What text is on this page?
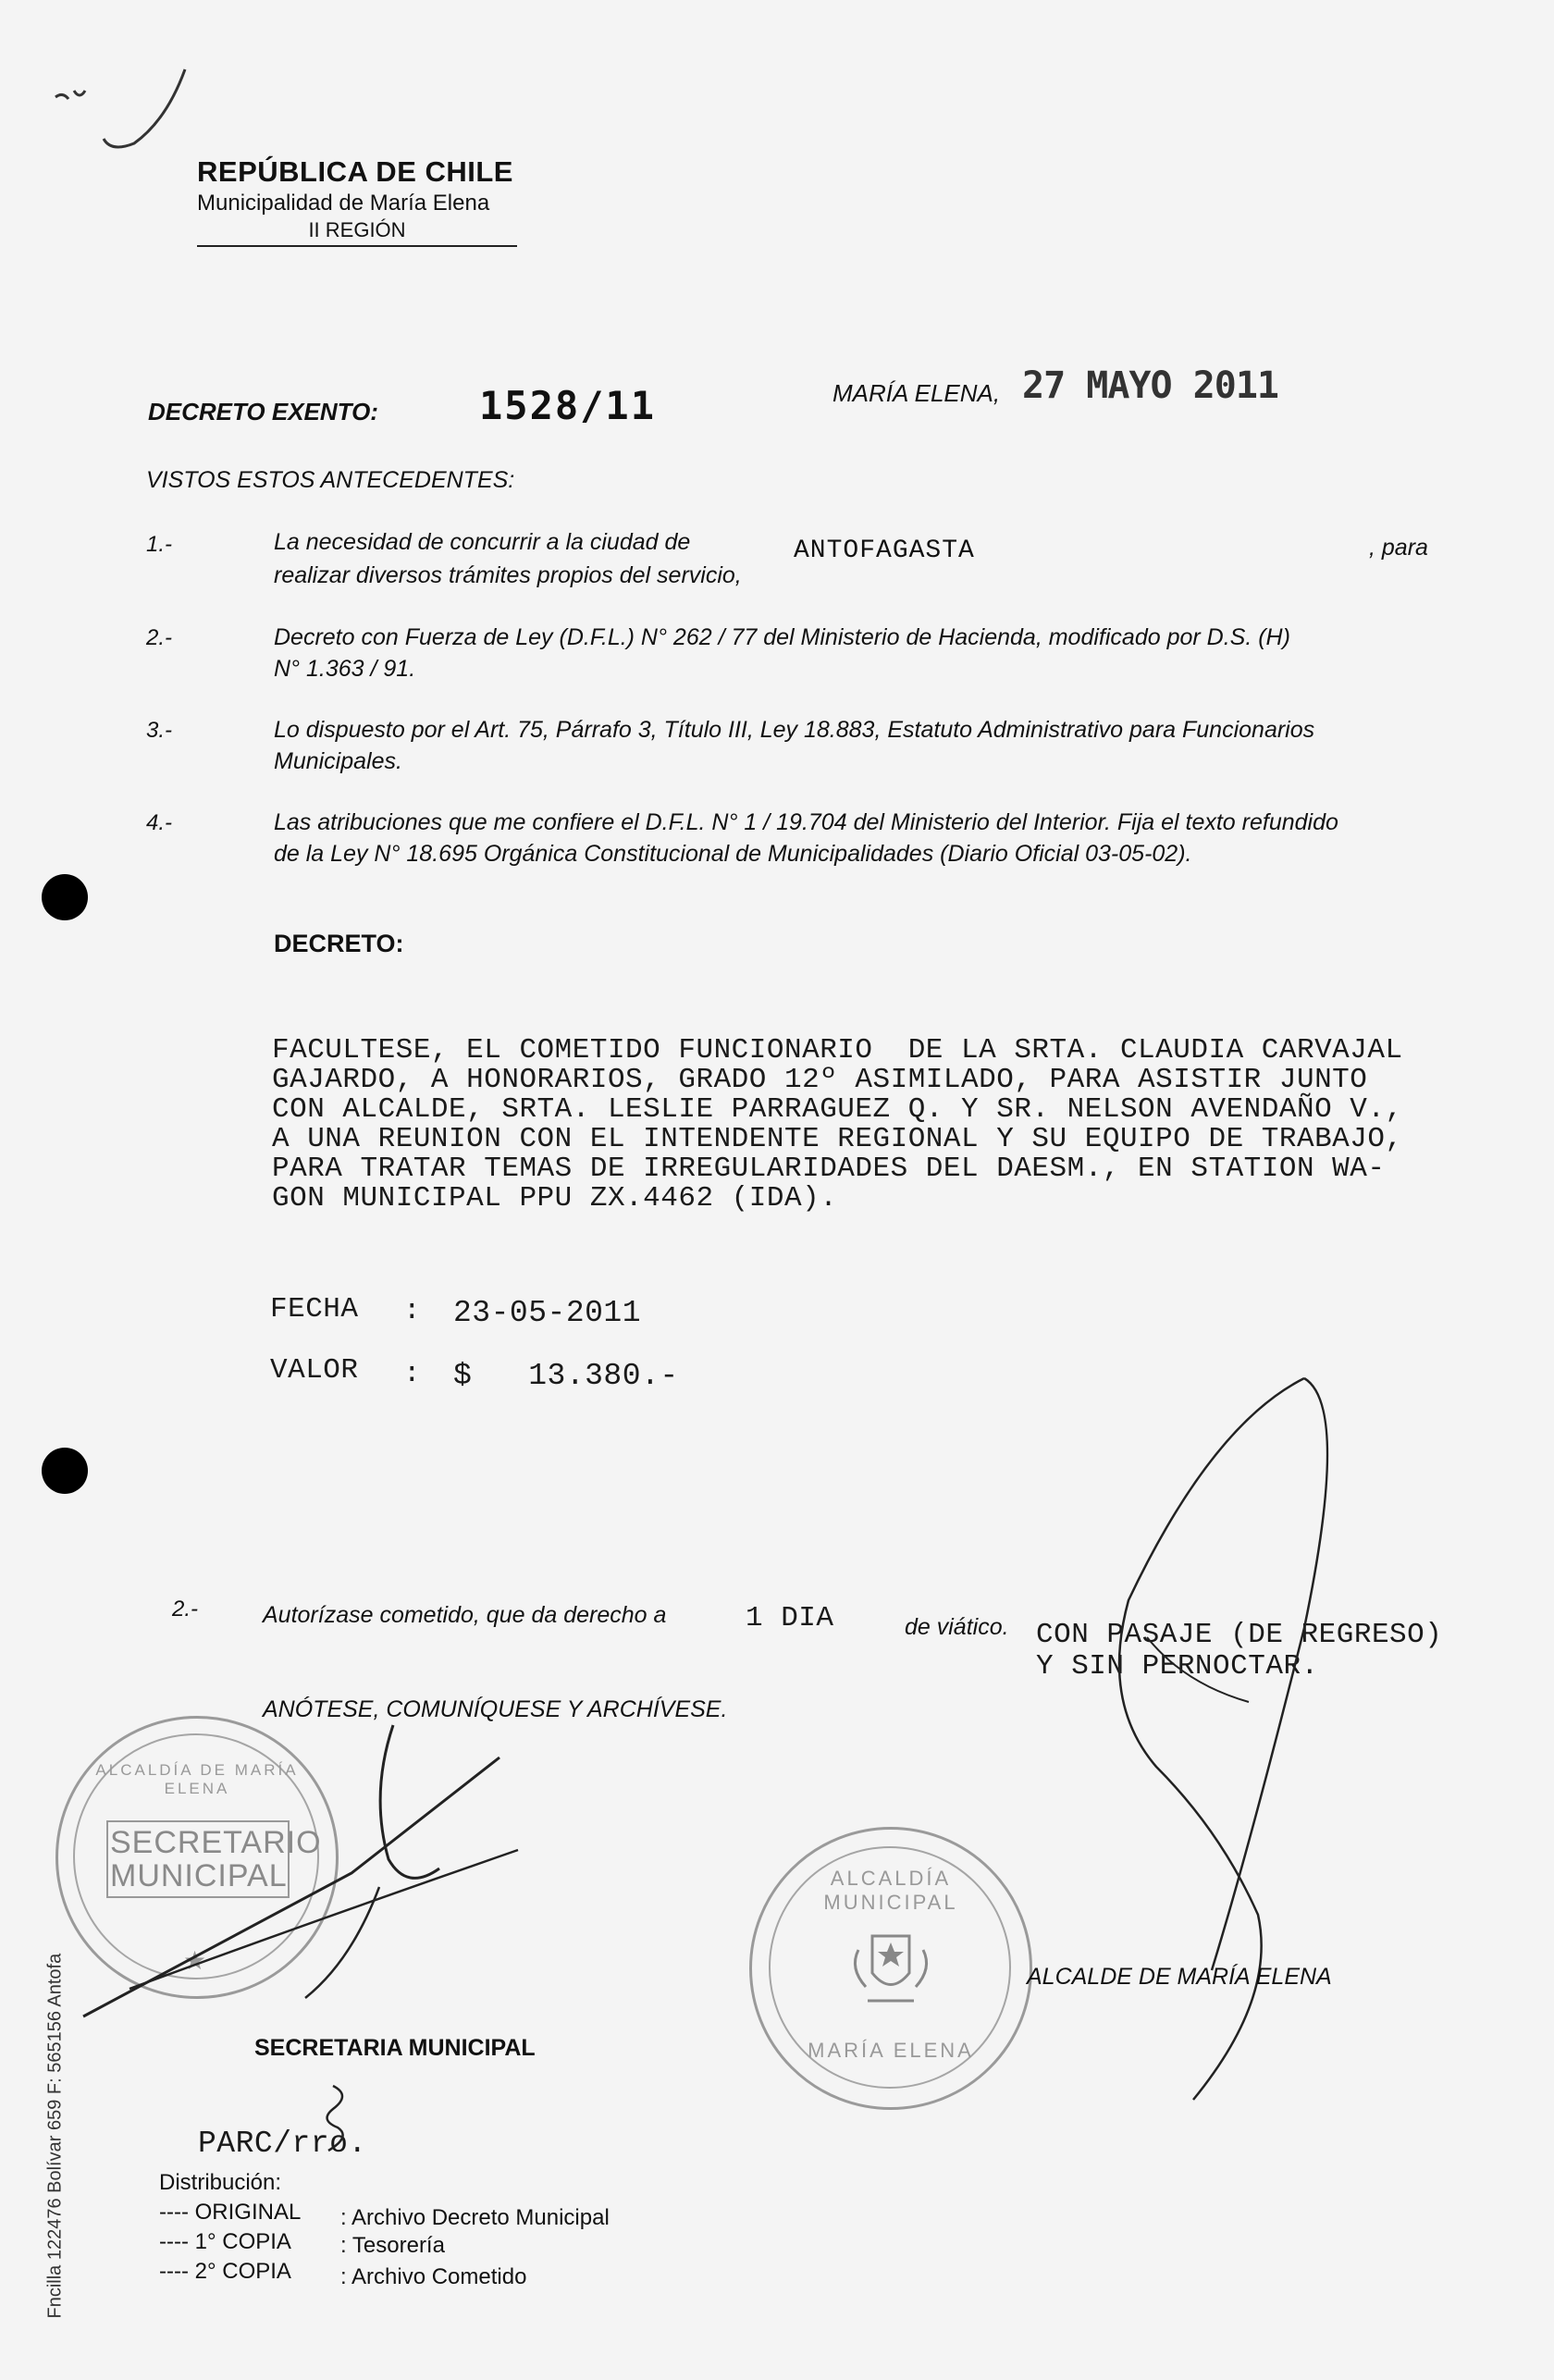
REPÚBLICA DE CHILE
Municipalidad de María Elena
II REGIÓN
DECRETO EXENTO:	1528/11	MARÍA ELENA, 27 MAYO 2011
VISTOS ESTOS ANTECEDENTES:
1.-	La necesidad de concurrir a la ciudad de	ANTOFAGASTA	, para
realizar diversos trámites propios del servicio,
2.-	Decreto con Fuerza de Ley (D.F.L.) N° 262 / 77 del Ministerio de Hacienda, modificado por D.S. (H)
N° 1.363 / 91.
3.-	Lo dispuesto por el Art. 75, Párrafo 3, Título III, Ley 18.883, Estatuto Administrativo para Funcionarios
Municipales.
4.-	Las atribuciones que me confiere el D.F.L. N° 1 / 19.704 del Ministerio del Interior. Fija el texto refundido
de la Ley N° 18.695 Orgánica Constitucional de Municipalidades (Diario Oficial 03-05-02).
DECRETO:
FACULTESE, EL COMETIDO FUNCIONARIO  DE LA SRTA. CLAUDIA CARVAJAL
GAJARDO, A HONORARIOS, GRADO 12º ASIMILADO, PARA ASISTIR JUNTO
CON ALCALDE, SRTA. LESLIE PARRAGUEZ Q. Y SR. NELSON AVENDAÑO V.,
A UNA REUNION CON EL INTENDENTE REGIONAL Y SU EQUIPO DE TRABAJO,
PARA TRATAR TEMAS DE IRREGULARIDADES DEL DAESM., EN STATION WA-
GON MUNICIPAL PPU ZX.4462 (IDA).
FECHA : 23-05-2011
VALOR : $   13.380.-
2.-	Autorízase cometido, que da derecho a	1 DIA	de viático. CON PASAJE (DE REGRESO)
Y SIN PERNOCTAR.
ANÓTESE, COMUNÍQUESE Y ARCHÍVESE.
ALCALDÍA DE MARÍA ELENA
SECRETARIO MUNICIPAL
★
ALCALDÍA MUNICIPAL
MARÍA ELENA
SECRETARIA MUNICIPAL
ALCALDE DE MARÍA ELENA
PARC/rro.
Distribución:
---- ORIGINAL : Archivo Decreto Municipal
---- 1° COPIA : Tesorería
---- 2° COPIA : Archivo Cometido
Fncilla 122476 Bolívar 659 F: 565156 Antofa
